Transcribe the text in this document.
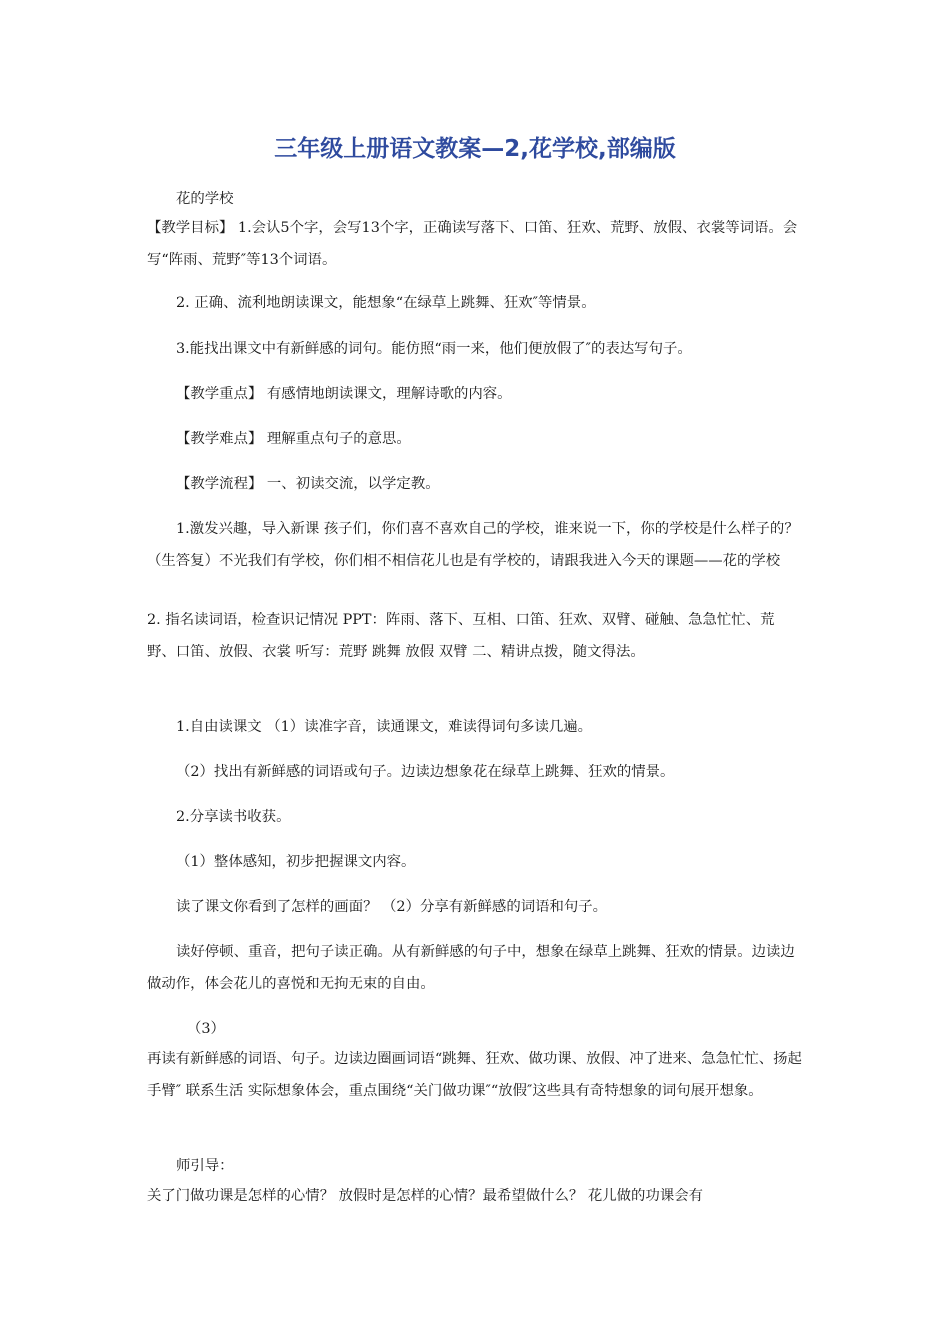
三年级上册语文教案—2,花学校,部编版

花的学校

【教学目标】 1.会认5个字，会写13个字，正确读写落下、口笛、狂欢、荒野、放假、衣裳等词语。会写“阵雨、荒野″等13个词语。

2. 正确、流利地朗读课文，能想象“在绿草上跳舞、狂欢″等情景。

3.能找出课文中有新鲜感的词句。能仿照“雨一来，他们便放假了″的表达写句子。

【教学重点】 有感情地朗读课文，理解诗歌的内容。

【教学难点】 理解重点句子的意思。

【教学流程】 一、初读交流，以学定教。

1.激发兴趣，导入新课 孩子们，你们喜不喜欢自己的学校，谁来说一下，你的学校是什么样子的？（生答复）不光我们有学校，你们相不相信花儿也是有学校的，请跟我进入今天的课题——花的学校

2. 指名读词语，检查识记情况 PPT：阵雨、落下、互相、口笛、狂欢、双臂、碰触、急急忙忙、荒野、口笛、放假、衣裳 听写：荒野 跳舞 放假 双臂 二、精讲点拨，随文得法。

1.自由读课文 （1）读准字音，读通课文，难读得词句多读几遍。

（2）找出有新鲜感的词语或句子。边读边想象花在绿草上跳舞、狂欢的情景。

2.分享读书收获。

（1）整体感知，初步把握课文内容。

读了课文你看到了怎样的画面？ （2）分享有新鲜感的词语和句子。

读好停顿、重音，把句子读正确。从有新鲜感的句子中，想象在绿草上跳舞、狂欢的情景。边读边做动作，体会花儿的喜悦和无拘无束的自由。

（3）

再读有新鲜感的词语、句子。边读边圈画词语“跳舞、狂欢、做功课、放假、冲了进来、急急忙忙、扬起手臂″ 联系生活 实际想象体会，重点围绕“关门做功课″“放假″这些具有奇特想象的词句展开想象。

师引导：

关了门做功课是怎样的心情？ 放假时是怎样的心情？最希望做什么？ 花儿做的功课会有
